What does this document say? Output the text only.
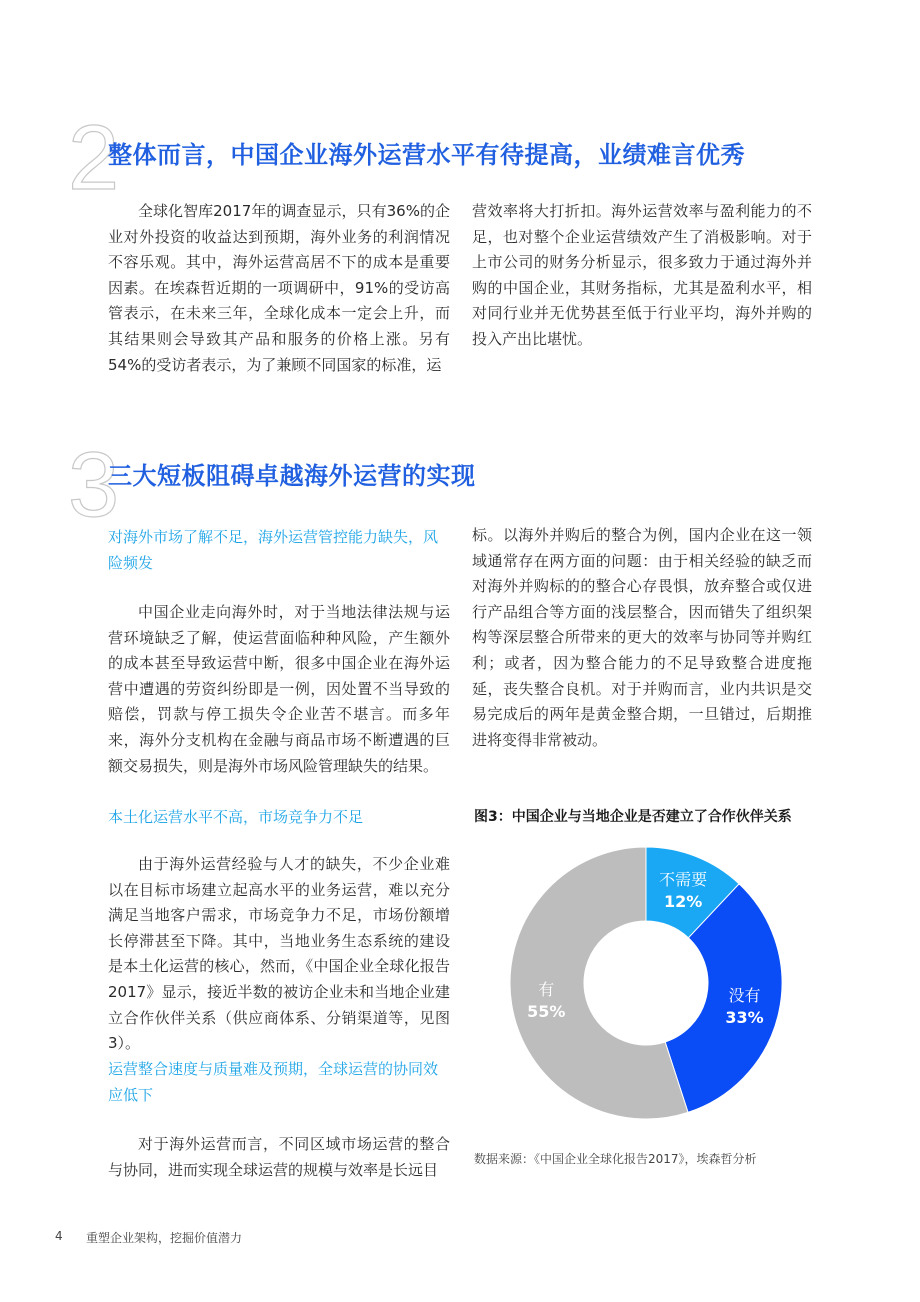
2
整体而言，中国企业海外运营水平有待提高，业绩难言优秀

全球化智库2017年的调查显示，只有36%的企业对外投资的收益达到预期，海外业务的利润情况不容乐观。其中，海外运营高居不下的成本是重要因素。在埃森哲近期的一项调研中，91%的受访高管表示，在未来三年，全球化成本一定会上升，而其结果则会导致其产品和服务的价格上涨。另有54%的受访者表示，为了兼顾不同国家的标准，运

营效率将大打折扣。海外运营效率与盈利能力的不足，也对整个企业运营绩效产生了消极影响。对于上市公司的财务分析显示，很多致力于通过海外并购的中国企业，其财务指标，尤其是盈利水平，相对同行业并无优势甚至低于行业平均，海外并购的投入产出比堪忧。

3
三大短板阻碍卓越海外运营的实现

对海外市场了解不足，海外运营管控能力缺失，风险频发

中国企业走向海外时，对于当地法律法规与运营环境缺乏了解，使运营面临种种风险，产生额外的成本甚至导致运营中断，很多中国企业在海外运营中遭遇的劳资纠纷即是一例，因处置不当导致的赔偿，罚款与停工损失令企业苦不堪言。而多年来，海外分支机构在金融与商品市场不断遭遇的巨额交易损失，则是海外市场风险管理缺失的结果。

本土化运营水平不高，市场竞争力不足

由于海外运营经验与人才的缺失，不少企业难以在目标市场建立起高水平的业务运营，难以充分满足当地客户需求，市场竞争力不足，市场份额增长停滞甚至下降。其中，当地业务生态系统的建设是本土化运营的核心，然而，《中国企业全球化报告2017》显示，接近半数的被访企业未和当地企业建立合作伙伴关系（供应商体系、分销渠道等，见图3）。

运营整合速度与质量难及预期，全球运营的协同效应低下

对于海外运营而言，不同区域市场运营的整合与协同，进而实现全球运营的规模与效率是长远目

标。以海外并购后的整合为例，国内企业在这一领域通常存在两方面的问题：由于相关经验的缺乏而对海外并购标的的整合心存畏惧，放弃整合或仅进行产品组合等方面的浅层整合，因而错失了组织架构等深层整合所带来的更大的效率与协同等并购红利；或者，因为整合能力的不足导致整合进度拖延，丧失整合良机。对于并购而言，业内共识是交易完成后的两年是黄金整合期，一旦错过，后期推进将变得非常被动。

图3：中国企业与当地企业是否建立了合作伙伴关系
不需要
12%
没有
33%
有
55%
数据来源：《中国企业全球化报告2017》，埃森哲分析
4 重塑企业架构，挖掘价值潜力
